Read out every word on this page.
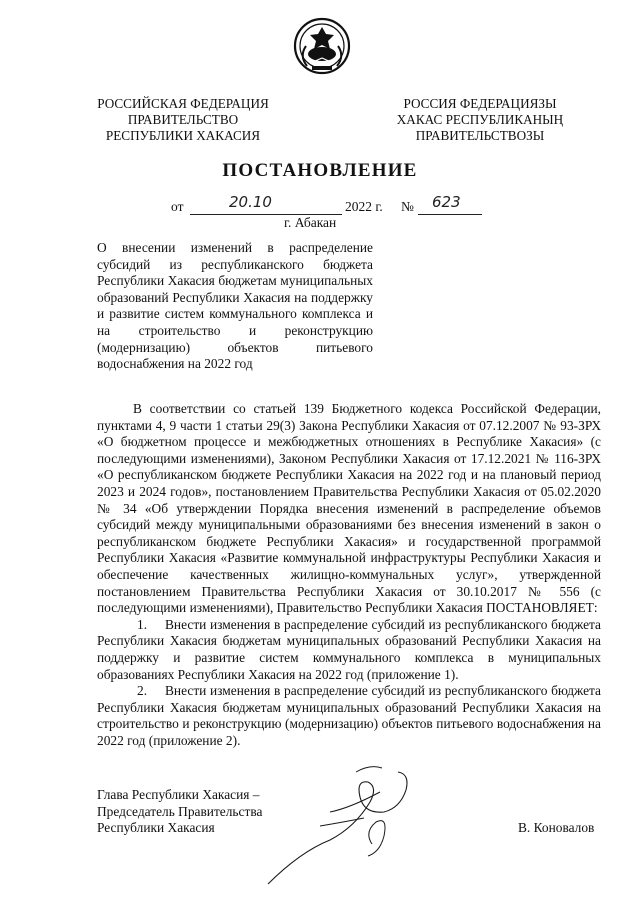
РОССИЙСКАЯ ФЕДЕРАЦИЯ
ПРАВИТЕЛЬСТВО
РЕСПУБЛИКИ ХАКАСИЯ
РОССИЯ ФЕДЕРАЦИЯЗЫ
ХАКАС РЕСПУБЛИКАНЫҢ
ПРАВИТЕЛЬСТВОЗЫ
ПОСТАНОВЛЕНИЕ
от	20.10	2022 г. № 623
г. Абакан
О внесении изменений в распределение субсидий из республиканского бюджета Республики Хакасия бюджетам муниципальных образований Республики Хакасия на поддержку и развитие систем коммунального комплекса и на строительство и реконструкцию (модернизацию) объектов питьевого водоснабжения на 2022 год

В соответствии со статьей 139 Бюджетного кодекса Российской Федерации, пунктами 4, 9 части 1 статьи 29(3) Закона Республики Хакасия от 07.12.2007 № 93-ЗРХ «О бюджетном процессе и межбюджетных отношениях в Республике Хакасия» (с последующими изменениями), Законом Республики Хакасия от 17.12.2021 № 116-ЗРХ «О республиканском бюджете Республики Хакасия на 2022 год и на плановый период 2023 и 2024 годов», постановлением Правительства Республики Хакасия от 05.02.2020 № 34 «Об утверждении Порядка внесения изменений в распределение объемов субсидий между муниципальными образованиями без внесения изменений в закон о республиканском бюджете Республики Хакасия» и государственной программой Республики Хакасия «Развитие коммунальной инфраструктуры Республики Хакасия и обеспечение качественных жилищно-коммунальных услуг», утвержденной постановлением Правительства Республики Хакасия от 30.10.2017 № 556 (с последующими изменениями), Правительство Республики Хакасия ПОСТАНОВЛЯЕТ:

1. Внести изменения в распределение субсидий из республиканского бюджета Республики Хакасия бюджетам муниципальных образований Республики Хакасия на поддержку и развитие систем коммунального комплекса в муниципальных образованиях Республики Хакасия на 2022 год (приложение 1).

2. Внести изменения в распределение субсидий из республиканского бюджета Республики Хакасия бюджетам муниципальных образований Республики Хакасия на строительство и реконструкцию (модернизацию) объектов питьевого водоснабжения на 2022 год (приложение 2).

Глава Республики Хакасия –
Председатель Правительства
Республики Хакасия	В. Коновалов
